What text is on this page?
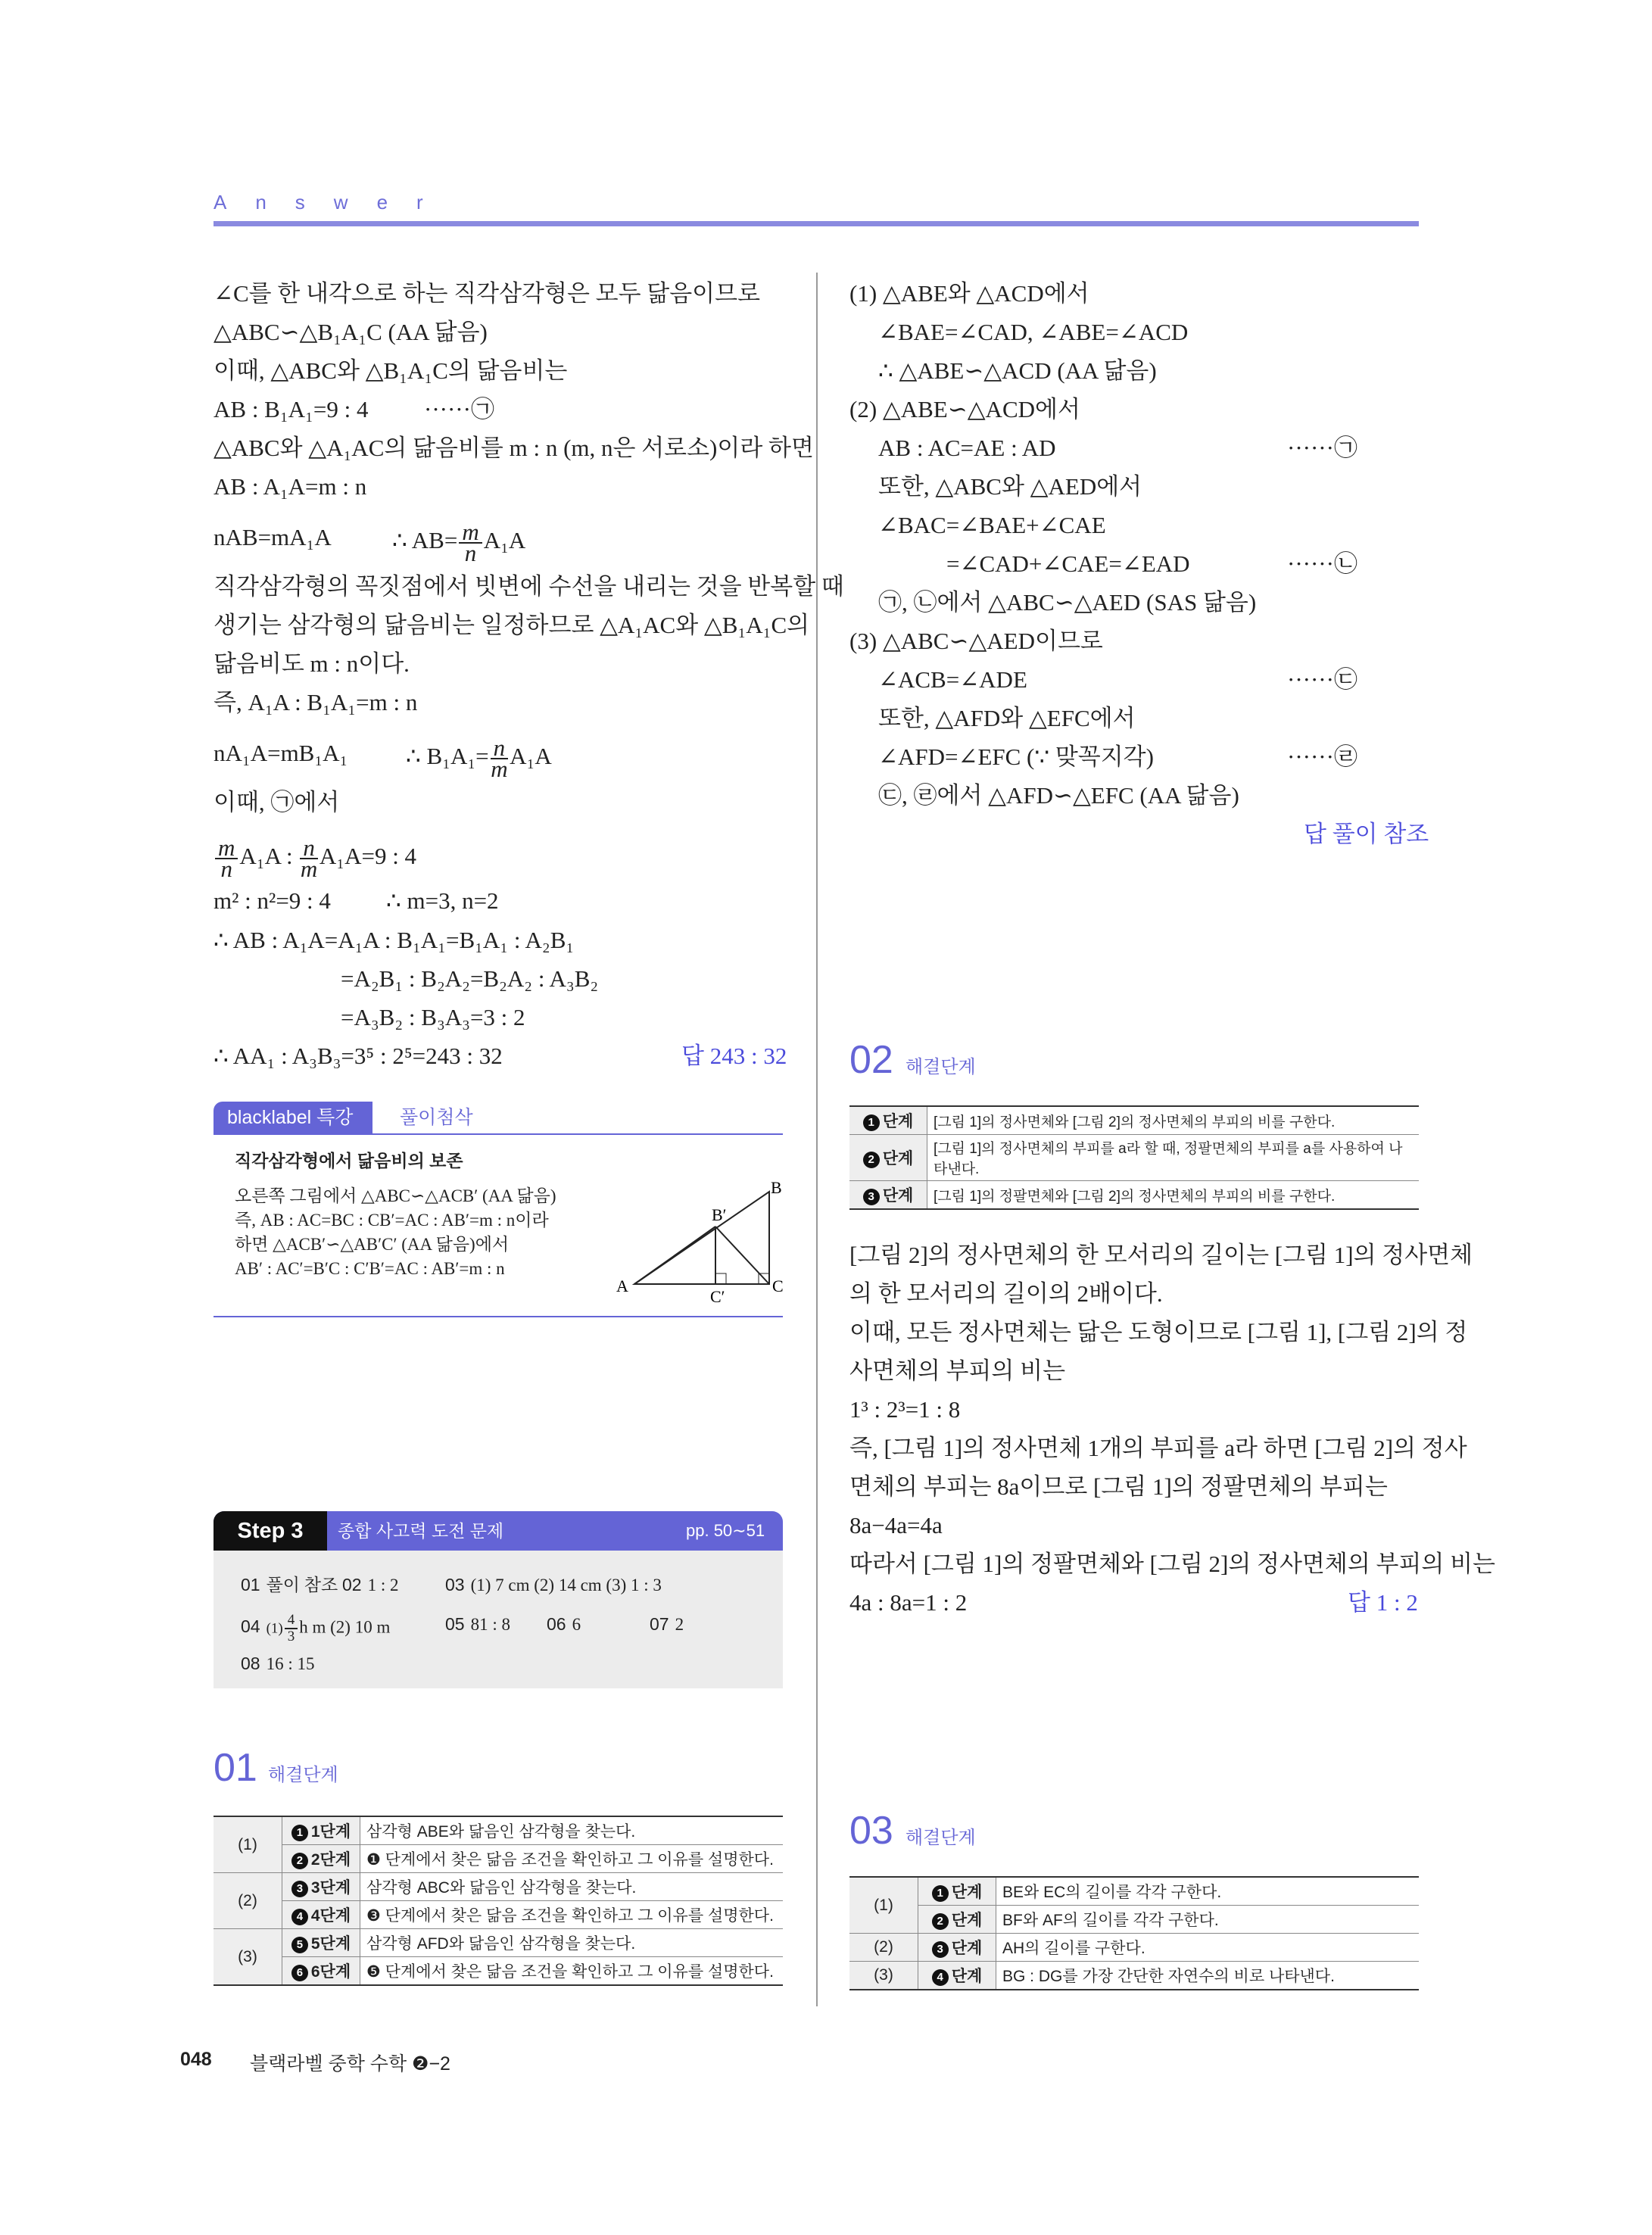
Answer
∠C를 한 내각으로 하는 직각삼각형은 모두 닮음이므로
△ABC∽△B₁A₁C (AA 닮음)
이때, △ABC와 △B₁A₁C의 닮음비는
AB : B₁A₁=9 : 4 ······㉠
△ABC와 △A₁AC의 닮음비를 m : n (m, n은 서로소)이라 하면
AB : A₁A=m : n
nAB=mA₁A	∴ $AB= \frac{m}{n} A_1A$
직각삼각형의 꼭짓점에서 빗변에 수선을 내리는 것을 반복할 때
생기는 삼각형의 닮음비는 일정하므로 △A₁AC와 △B₁A₁C의
닮음비도 m : n이다.
즉, A₁A : B₁A₁=m : n
nA₁A=mB₁A₁ ∴ $B_1A_1= \frac{n}{m} A_1A$
이때, ㉠에서
$\frac{m}{n} A_1A$ : $\frac{n}{m} A_1A=9$ : 4
m² : n²=9 : 4 ∴ m=3, n=2
∴ AB : A₁A=A₁A : B₁A₁=B₁A₁ : A₂B₁
=A₂B₁ : B₂A₂=B₂A₂ : A₃B₂
=A₃B₂ : B₃A₃=3 : 2
∴ AA₁ : A₃B₃=3⁵ : 2⁵=243 : 32	답 243 : 32
blacklabel 특강	풀이첨삭
직각삼각형에서 닮음비의 보존
오른쪽 그림에서 △ABC∽△ACB′ (AA 닮음)
즉, AB : AC=BC : CB′=AC : AB′=m : n이라
하면 △ACB′∽△AB′C′ (AA 닮음)에서
AB′ : AC′=B′C : C′B′=AC : AB′=m : n
A
B
C
B′
C′
Step 3	종합 사고력 도전 문제	pp. 50∼51
01 풀이 참조 02 1 : 2	03 (1) 7 cm (2) 14 cm (3) 1 : 3
04 $(1) \frac{4}{3}$ h m (2) 10 m	05 81 : 8 06 6	07 2
08 16 : 15
01 해결단계
(1)	1 1단계	삼각형 ABE와 닮음인 삼각형을 찾는다.
	2 2단계	❶ 단계에서 찾은 닮음 조건을 확인하고 그 이유를 설명한다.
(2)	3 3단계	삼각형 ABC와 닮음인 삼각형을 찾는다.
	4 4단계	❸ 단계에서 찾은 닮음 조건을 확인하고 그 이유를 설명한다.
(3)	5 5단계	삼각형 AFD와 닮음인 삼각형을 찾는다.
	6 6단계	❺ 단계에서 찾은 닮음 조건을 확인하고 그 이유를 설명한다.
(1) △ABE와 △ACD에서
∠BAE=∠CAD, ∠ABE=∠ACD
∴ △ABE∽△ACD (AA 닮음)
(2) △ABE∽△ACD에서
AB : AC=AE : AD	······㉠
또한, △ABC와 △AED에서
∠BAC=∠BAE+∠CAE
=∠CAD+∠CAE=∠EAD	······㉡
㉠, ㉡에서 △ABC∽△AED (SAS 닮음)
(3) △ABC∽△AED이므로
∠ACB=∠ADE	······㉢
또한, △AFD와 △EFC에서
∠AFD=∠EFC (∵ 맞꼭지각)	······㉣
㉢, ㉣에서 △AFD∽△EFC (AA 닮음)
답 풀이 참조
02 해결단계
1 단계	[그림 1]의 정사면체와 [그림 2]의 정사면체의 부피의 비를 구한다.
2 단계	[그림 1]의 정사면체의 부피를 a라 할 때, 정팔면체의 부피를 a를 사용하여 나타낸다.
3 단계	[그림 1]의 정팔면체와 [그림 2]의 정사면체의 부피의 비를 구한다.
[그림 2]의 정사면체의 한 모서리의 길이는 [그림 1]의 정사면체
의 한 모서리의 길이의 2배이다.
이때, 모든 정사면체는 닮은 도형이므로 [그림 1], [그림 2]의 정
사면체의 부피의 비는
1³ : 2³=1 : 8
즉, [그림 1]의 정사면체 1개의 부피를 a라 하면 [그림 2]의 정사
면체의 부피는 8a이므로 [그림 1]의 정팔면체의 부피는
8a−4a=4a
따라서 [그림 1]의 정팔면체와 [그림 2]의 정사면체의 부피의 비는
4a : 8a=1 : 2	답 1 : 2
03 해결단계
(1)	1 단계	BE와 EC의 길이를 각각 구한다.
	2 단계	BF와 AF의 길이를 각각 구한다.
(2)	3 단계	AH의 길이를 구한다.
(3)	4 단계	BG : DG를 가장 간단한 자연수의 비로 나타낸다.
048 블랙라벨 중학 수학 ❷−2
